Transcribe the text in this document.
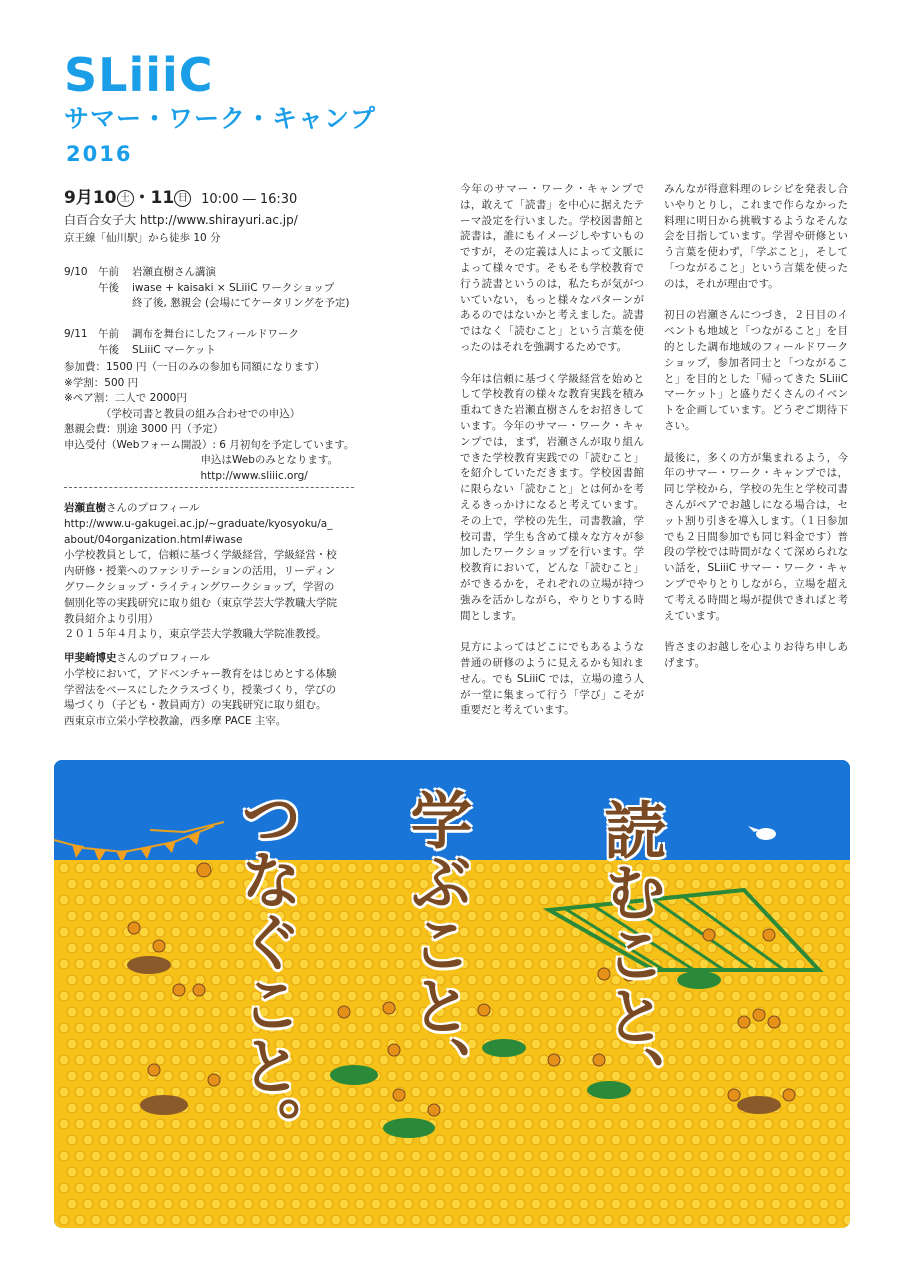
SLiiiC
サマー・ワーク・キャンプ
2016
9月10 土 ・11 日 10:00 ― 16:30
白百合女子大 http://www.shirayuri.ac.jp/
京王線「仙川駅」から徒歩 10 分
9/10 午前	岩瀬直樹さん講演

午後	iwase + kaisaki × SLiiiC ワークショップ

終了後, 懇親会 (会場にてケータリングを予定)

9/11 午前	調布を舞台にしたフィールドワーク

午後	SLiiiC マーケット
参加費：1500 円（一日のみの参加も同額になります）
※学割：500 円
※ペア割：二人で 2000円
　　　　（学校司書と教員の組み合わせでの申込）
懇親会費：別途 3000 円（予定）
申込受付（Webフォーム開設）: 6 月初旬を予定しています。
　　　　　　　　　　　　　申込はWebのみとなります。
　　　　　　　　　　　　　http://www.sliiic.org/
岩瀬直樹さんのプロフィール
http://www.u-gakugei.ac.jp/~graduate/kyosyoku/a_
about/04organization.html#iwase
小学校教員として，信頼に基づく学級経営，学級経営・校
内研修・授業へのファシリテーションの活用，リーディン
グワークショップ・ライティングワークショップ，学習の
個別化等の実践研究に取り組む（東京学芸大学教職大学院
教員紹介より引用）
２０１５年４月より，東京学芸大学教職大学院准教授。
甲斐崎博史さんのプロフィール
小学校において，アドベンチャー教育をはじめとする体験
学習法をベースにしたクラスづくり，授業づくり，学びの
場づくり（子ども・教員両方）の実践研究に取り組む。
西東京市立栄小学校教諭，西多摩 PACE 主宰。

今年のサマー・ワーク・キャンプでは，敢えて「読書」を中心に据えたテーマ設定を行いました。学校図書館と読書は，誰にもイメージしやすいものですが，その定義は人によって文脈によって様々です。そもそも学校教育で行う読書というのは，私たちが気がついていない，もっと様々なパターンがあるのではないかと考えました。読書ではなく「読むこと」という言葉を使ったのはそれを強調するためです。

今年は信頼に基づく学級経営を始めとして学校教育の様々な教育実践を積み重ねてきた岩瀬直樹さんをお招きしています。今年のサマー・ワーク・キャンプでは，まず，岩瀬さんが取り組んできた学校教育実践での「読むこと」を紹介していただきます。学校図書館に限らない「読むこと」とは何かを考えるきっかけになると考えています。その上で，学校の先生，司書教諭，学校司書，学生も含めて様々な方々が参加したワークショップを行います。学校教育において，どんな「読むこと」ができるかを，それぞれの立場が持つ強みを活かしながら，やりとりする時間とします。

見方によってはどこにでもあるような普通の研修のように見えるかも知れません。でも SLiiiC では，立場の違う人が一堂に集まって行う「学び」こそが重要だと考えています。

みんなが得意料理のレシピを発表し合いやりとりし，これまで作らなかった料理に明日から挑戦するようなそんな会を目指しています。学習や研修という言葉を使わず，「学ぶこと」，そして「つながること」という言葉を使ったのは，それが理由です。

初日の岩瀬さんにつづき，２日目のイベントも地域と「つながること」を目的とした調布地域のフィールドワークショップ，参加者同士と「つながること」を目的とした「帰ってきた SLiiiC マーケット」と盛りだくさんのイベントを企画しています。どうぞご期待下さい。

最後に，多くの方が集まれるよう，今年のサマー・ワーク・キャンプでは，同じ学校から，学校の先生と学校司書さんがペアでお越しになる場合は，セット割り引きを導入します。（１日参加でも２日間参加でも同じ料金です）普段の学校では時間がなくて深められない話を，SLiiiC サマー・ワーク・キャンプでやりとりしながら，立場を超えて考える時間と場が提供できればと考えています。

皆さまのお越しを心よりお待ち申しあげます。

つなぐこと。 学ぶこと、 読むこと、
